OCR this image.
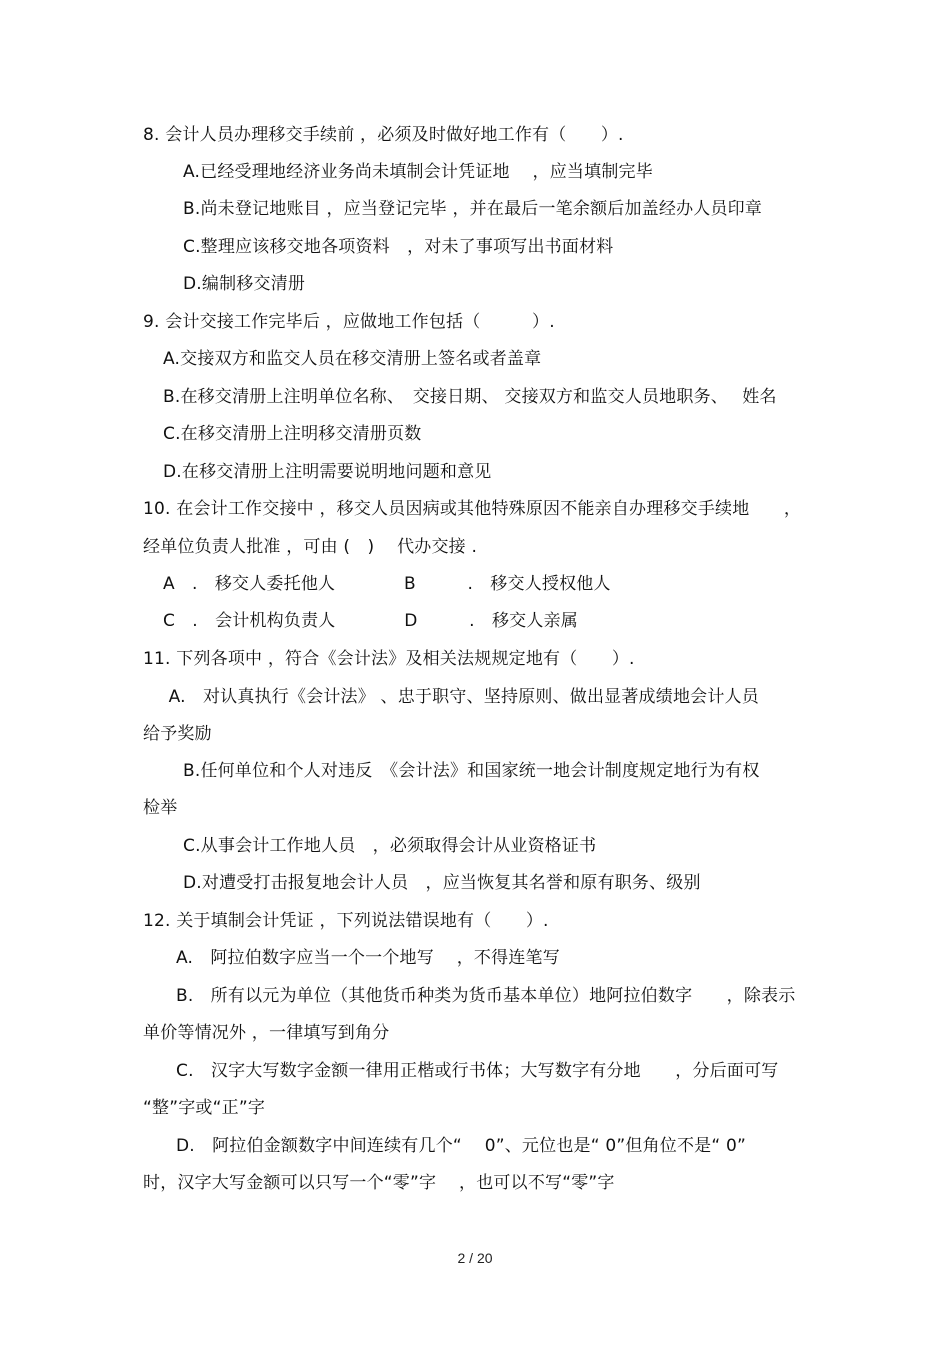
8. 会计人员办理移交手续前 ，必须及时做好地工作有（　　）.
A.已经受理地经济业务尚未填制会计凭证地　 ，应当填制完毕
B.尚未登记地账目 ，应当登记完毕 ，并在最后一笔余额后加盖经办人员印章
C.整理应该移交地各项资料　，对未了事项写出书面材料
D.编制移交清册
9. 会计交接工作完毕后 ，应做地工作包括（　　　）.
A.交接双方和监交人员在移交清册上签名或者盖章
B.在移交清册上注明单位名称、　交接日期、 交接双方和监交人员地职务、　 姓名
C.在移交清册上注明移交清册页数
D.在移交清册上注明需要说明地问题和意见
10. 在会计工作交接中 ，移交人员因病或其他特殊原因不能亲自办理移交手续地　　，
经单位负责人批准 ，可由 (　)　 代办交接 .
A　.　移交人委托他人　　　　B　　　.　移交人授权他人
C　.　会计机构负责人　　　　D　　　.　移交人亲属
11. 下列各项中 ，符合《会计法》及相关法规规定地有（　　）.
A.　对认真执行《会计法》 、忠于职守、坚持原则、做出显著成绩地会计人员
给予奖励
B.任何单位和个人对违反　《会计法》和国家统一地会计制度规定地行为有权
检举
C.从事会计工作地人员　，必须取得会计从业资格证书
D.对遭受打击报复地会计人员　，应当恢复其名誉和原有职务、级别
12. 关于填制会计凭证 ，下列说法错误地有（　　）.
A.　阿拉伯数字应当一个一个地写　 ，不得连笔写
B.　所有以元为单位（其他货币种类为货币基本单位）地阿拉伯数字　　，除表示
单价等情况外 ，一律填写到角分
C.　汉字大写数字金额一律用正楷或行书体；大写数字有分地　　，分后面可写
“整”字或“正”字
D.　阿拉伯金额数字中间连续有几个“　 0”、元位也是“ 0”但角位不是“ 0”
时，汉字大写金额可以只写一个“零”字　 ，也可以不写“零”字
2 / 20
